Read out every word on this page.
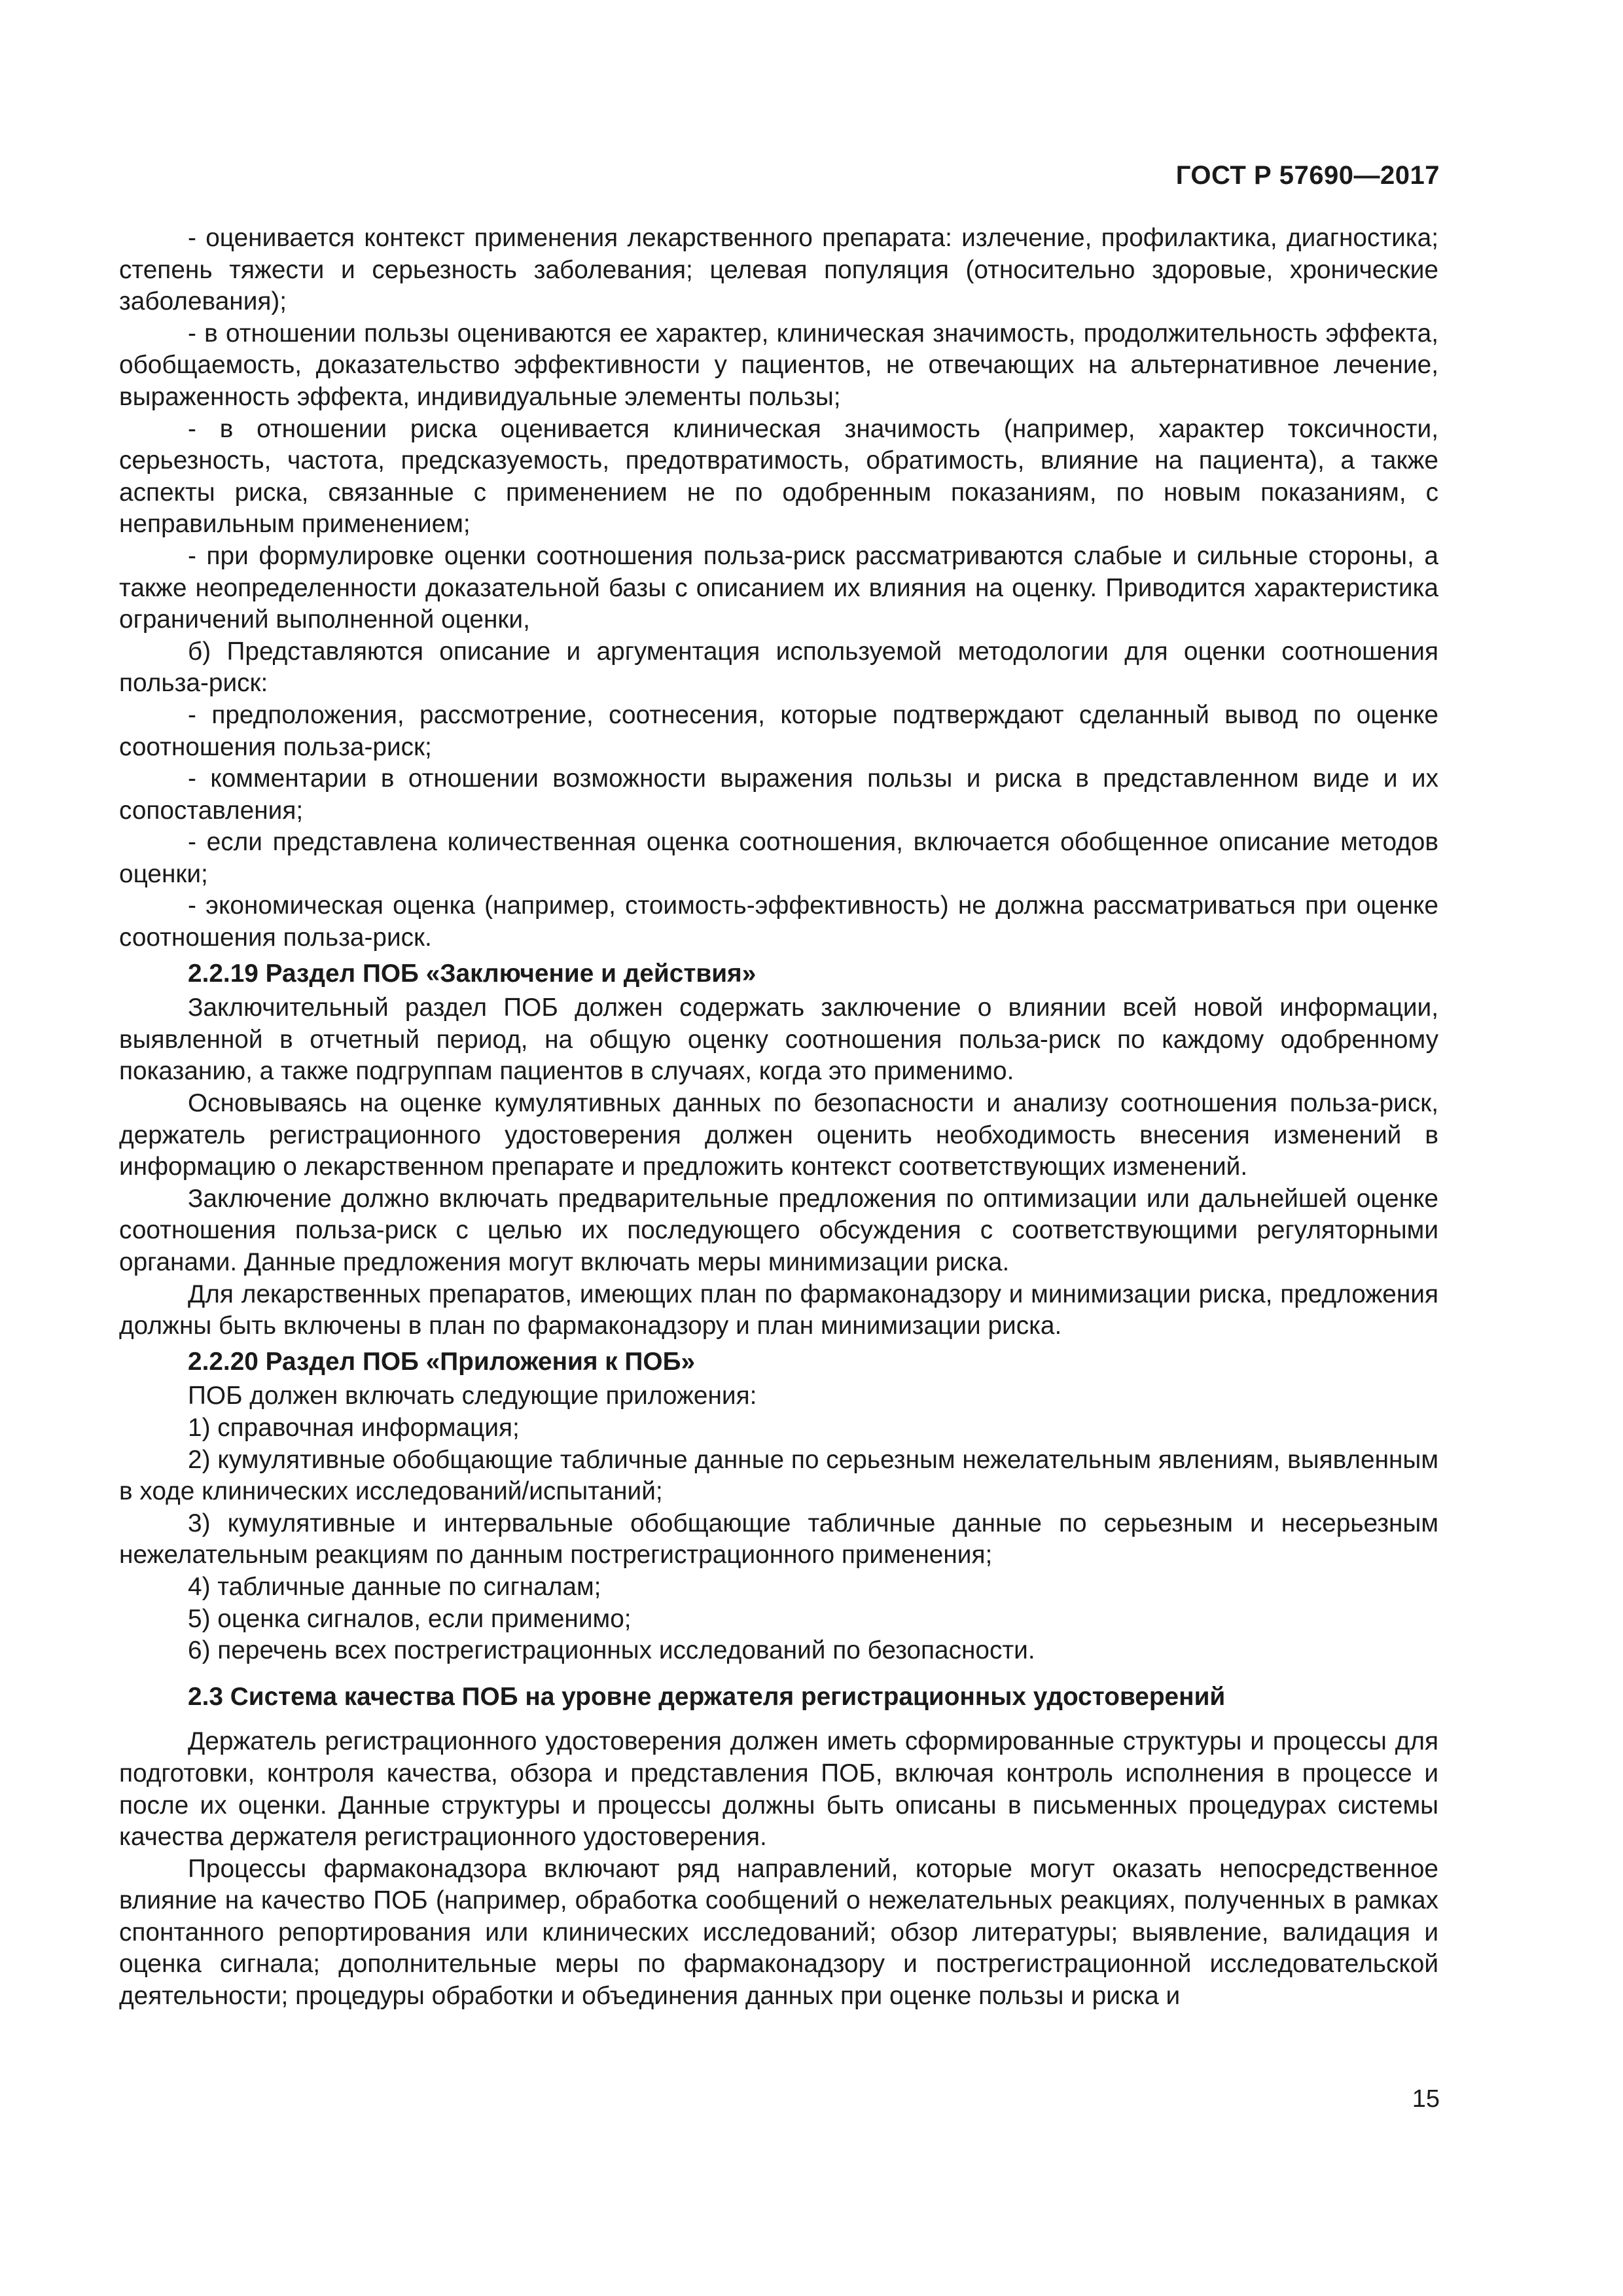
ГОСТ Р 57690—2017

- оценивается контекст применения лекарственного препарата: излечение, профилактика, диагностика; степень тяжести и серьезность заболевания; целевая популяция (относительно здоровые, хронические заболевания);

- в отношении пользы оцениваются ее характер, клиническая значимость, продолжительность эффекта, обобщаемость, доказательство эффективности у пациентов, не отвечающих на альтернативное лечение, выраженность эффекта, индивидуальные элементы пользы;

- в отношении риска оценивается клиническая значимость (например, характер токсичности, серьезность, частота, предсказуемость, предотвратимость, обратимость, влияние на пациента), а также аспекты риска, связанные с применением не по одобренным показаниям, по новым показаниям, с неправильным применением;

- при формулировке оценки соотношения польза-риск рассматриваются слабые и сильные стороны, а также неопределенности доказательной базы с описанием их влияния на оценку. Приводится характеристика ограничений выполненной оценки,

б) Представляются описание и аргументация используемой методологии для оценки соотношения польза-риск:

- предположения, рассмотрение, соотнесения, которые подтверждают сделанный вывод по оценке соотношения польза-риск;

- комментарии в отношении возможности выражения пользы и риска в представленном виде и их сопоставления;

- если представлена количественная оценка соотношения, включается обобщенное описание методов оценки;

- экономическая оценка (например, стоимость-эффективность) не должна рассматриваться при оценке соотношения польза-риск.

2.2.19 Раздел ПОБ «Заключение и действия»

Заключительный раздел ПОБ должен содержать заключение о влиянии всей новой информации, выявленной в отчетный период, на общую оценку соотношения польза-риск по каждому одобренному показанию, а также подгруппам пациентов в случаях, когда это применимо.

Основываясь на оценке кумулятивных данных по безопасности и анализу соотношения польза-риск, держатель регистрационного удостоверения должен оценить необходимость внесения изменений в информацию о лекарственном препарате и предложить контекст соответствующих изменений.

Заключение должно включать предварительные предложения по оптимизации или дальнейшей оценке соотношения польза-риск с целью их последующего обсуждения с соответствующими регуляторными органами. Данные предложения могут включать меры минимизации риска.

Для лекарственных препаратов, имеющих план по фармаконадзору и минимизации риска, предложения должны быть включены в план по фармаконадзору и план минимизации риска.

2.2.20 Раздел ПОБ «Приложения к ПОБ»

ПОБ должен включать следующие приложения:

1) справочная информация;

2) кумулятивные обобщающие табличные данные по серьезным нежелательным явлениям, выявленным в ходе клинических исследований/испытаний;

3) кумулятивные и интервальные обобщающие табличные данные по серьезным и несерьезным нежелательным реакциям по данным пострегистрационного применения;

4) табличные данные по сигналам;

5) оценка сигналов, если применимо;

6) перечень всех пострегистрационных исследований по безопасности.

2.3 Система качества ПОБ на уровне держателя регистрационных удостоверений

Держатель регистрационного удостоверения должен иметь сформированные структуры и процессы для подготовки, контроля качества, обзора и представления ПОБ, включая контроль исполнения в процессе и после их оценки. Данные структуры и процессы должны быть описаны в письменных процедурах системы качества держателя регистрационного удостоверения.

Процессы фармаконадзора включают ряд направлений, которые могут оказать непосредственное влияние на качество ПОБ (например, обработка сообщений о нежелательных реакциях, полученных в рамках спонтанного репортирования или клинических исследований; обзор литературы; выявление, валидация и оценка сигнала; дополнительные меры по фармаконадзору и пострегистрационной исследовательской деятельности; процедуры обработки и объединения данных при оценке пользы и риска и

15
